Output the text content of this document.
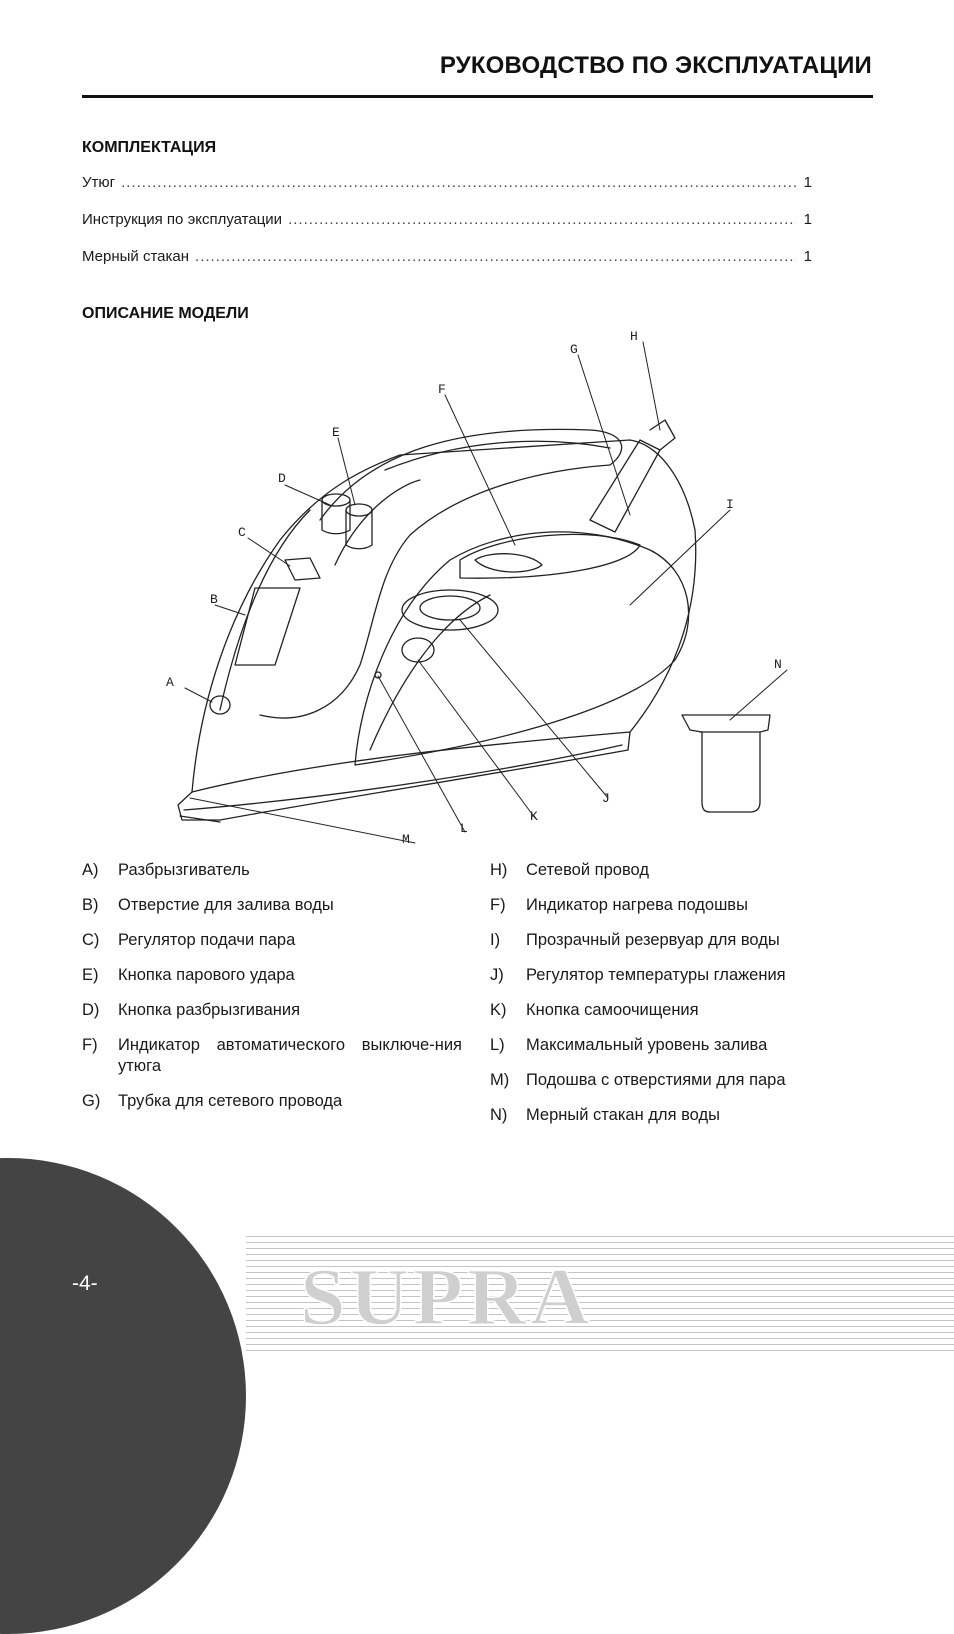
РУКОВОДСТВО ПО ЭКСПЛУАТАЦИИ
КОМПЛЕКТАЦИЯ
Утюг .....	1
Инструкция по эксплуатации .....	1
Мерный стакан .....	1
ОПИСАНИЕ МОДЕЛИ
A
B
C
D
E
F
G
H
I
J
K
L
M
N
A)	Разбрызгиватель
B)	Отверстие для залива воды
C)	Регулятор подачи пара
E)	Кнопка парового удара
D)	Кнопка разбрызгивания
F)	Индикатор автоматического выключе-ния утюга
G)	Трубка для сетевого провода
H)	Сетевой провод
F)	Индикатор нагрева подошвы
I)	Прозрачный резервуар для воды
J)	Регулятор температуры глажения
K)	Кнопка самоочищения
L)	Максимальный уровень залива
M)	Подошва с отверстиями для пара
N)	Мерный стакан для воды
SUPRA
-4-
